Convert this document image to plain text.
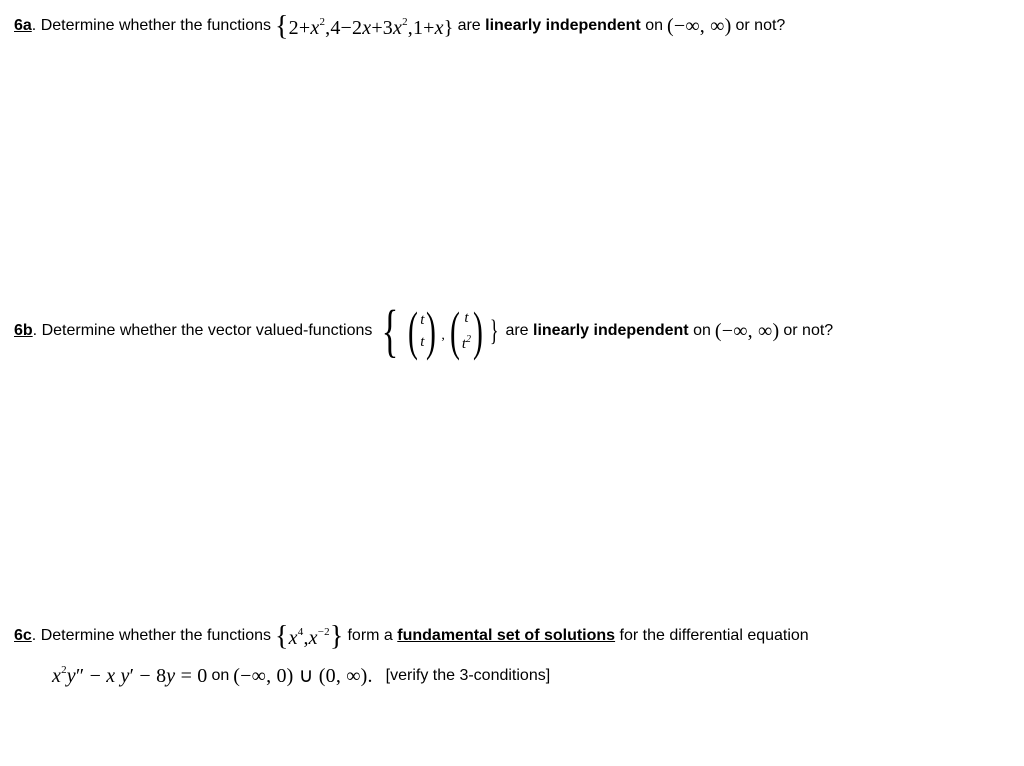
6a . Determine whether the functions $\{2+x^2,4-2x+3x^2,1+x\}$ are
linearly independent
on (−∞, ∞) or not?
6b . Determine whether the vector valued-functions { ( t
t ) , ( t
$t^2$ ) } are
linearly independent
on (−∞, ∞) or not?
6c . Determine whether the functions $\{x^4,x^{-2}\}$ form a
fundamental set of solutions
for the differential equation
$x^2y'' - x$ y′ − 8y = 0 on (−∞, 0) ∪ (0, ∞).
[verify the 3-conditions]
